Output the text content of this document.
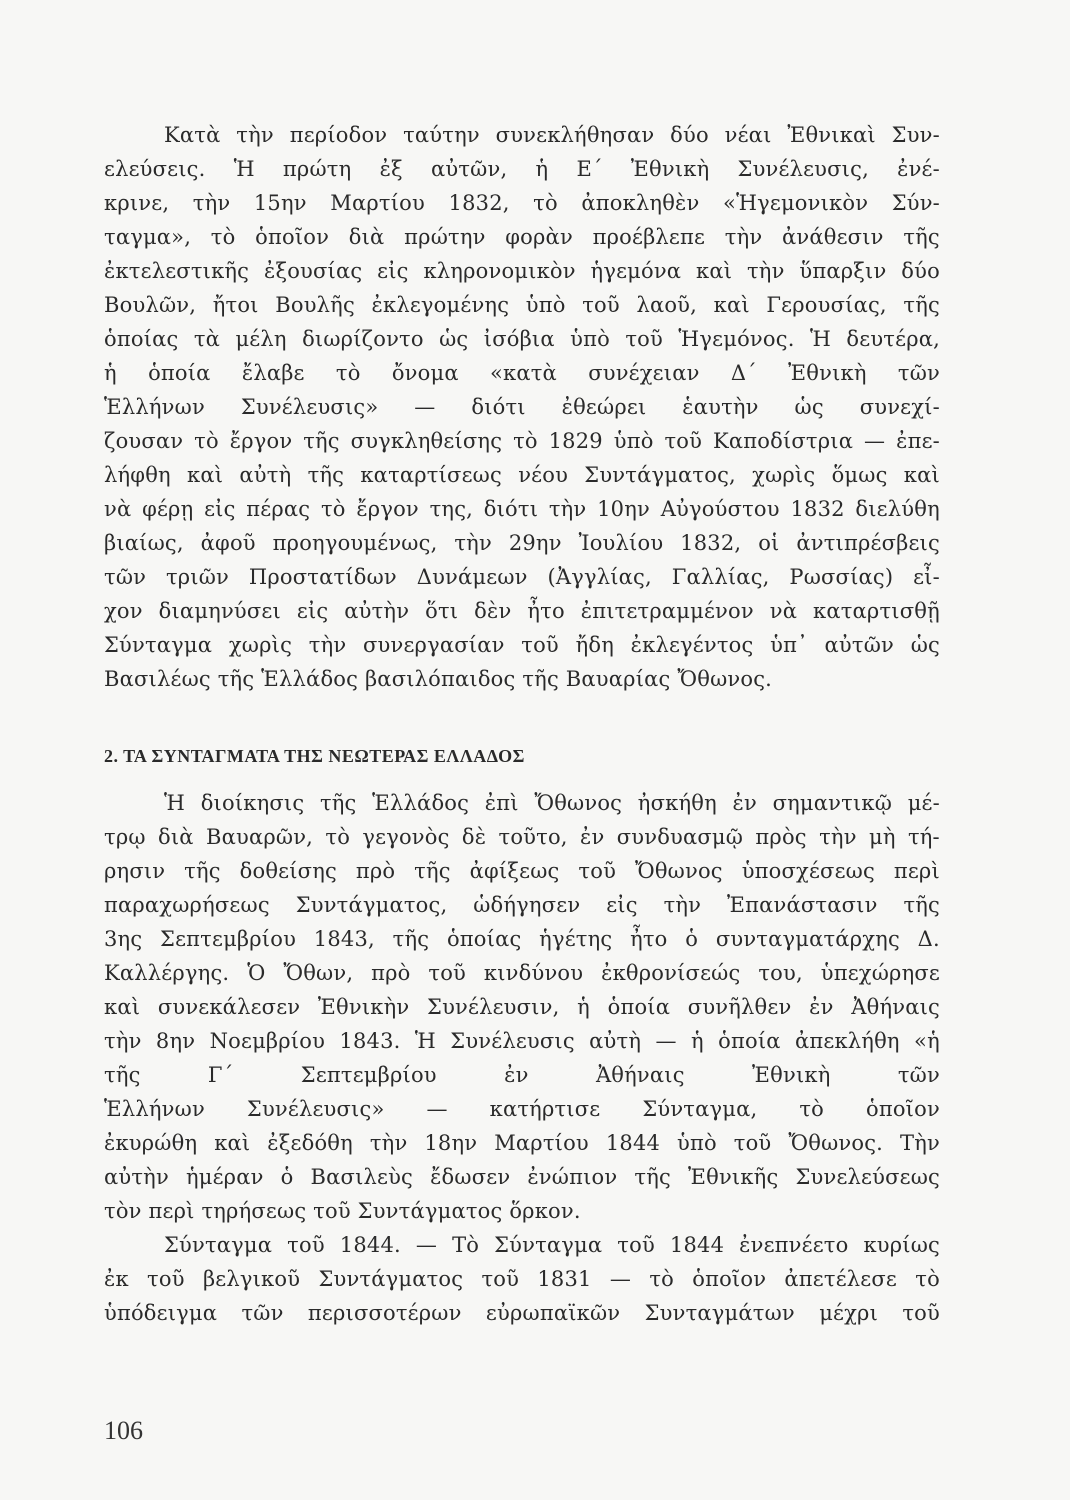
Κατὰ τὴν περίοδον ταύτην συνεκλήθησαν δύο νέαι Ἐθνικαὶ Συν-
ελεύσεις. Ἡ πρώτη ἐξ αὐτῶν, ἡ Ε΄ Ἐθνικὴ Συνέλευσις, ἐνέ-
κρινε, τὴν 15ην Μαρτίου 1832, τὸ ἀποκληθὲν «Ἡγεμονικὸν Σύν-
ταγμα», τὸ ὁποῖον διὰ πρώτην φορὰν προέβλεπε τὴν ἀνάθεσιν τῆς
ἐκτελεστικῆς ἐξουσίας εἰς κληρονομικὸν ἡγεμόνα καὶ τὴν ὕπαρξιν δύο
Βουλῶν, ἤτοι Βουλῆς ἐκλεγομένης ὑπὸ τοῦ λαοῦ, καὶ Γερουσίας, τῆς
ὁποίας τὰ μέλη διωρίζοντο ὡς ἰσόβια ὑπὸ τοῦ Ἡγεμόνος. Ἡ δευτέρα,
ἡ ὁποία ἔλαβε τὸ ὄνομα «κατὰ συνέχειαν Δ΄ Ἐθνικὴ τῶν
Ἑλλήνων Συνέλευσις» — διότι ἐθεώρει ἑαυτὴν ὡς συνεχί-
ζουσαν τὸ ἔργον τῆς συγκληθείσης τὸ 1829 ὑπὸ τοῦ Καποδίστρια — ἐπε-
λήφθη καὶ αὐτὴ τῆς καταρτίσεως νέου Συντάγματος, χωρὶς ὅμως καὶ
νὰ φέρῃ εἰς πέρας τὸ ἔργον της, διότι τὴν 10ην Αὐγούστου 1832 διελύθη
βιαίως, ἀφοῦ προηγουμένως, τὴν 29ην Ἰουλίου 1832, οἱ ἀντιπρέσβεις
τῶν τριῶν Προστατίδων Δυνάμεων (Ἀγγλίας, Γαλλίας, Ρωσσίας) εἶ-
χον διαμηνύσει εἰς αὐτὴν ὅτι δὲν ἦτο ἐπιτετραμμένον νὰ καταρτισθῇ
Σύνταγμα χωρὶς τὴν συνεργασίαν τοῦ ἤδη ἐκλεγέντος ὑπ᾿ αὐτῶν ὡς
Βασιλέως τῆς Ἑλλάδος βασιλόπαιδος τῆς Βαυαρίας Ὄθωνος.
2. ΤΑ ΣΥΝΤΑΓΜΑΤΑ ΤΗΣ ΝΕΩΤΕΡΑΣ ΕΛΛΑΔΟΣ
Ἡ διοίκησις τῆς Ἑλλάδος ἐπὶ Ὄθωνος ἠσκήθη ἐν σημαντικῷ μέ-
τρῳ διὰ Βαυαρῶν, τὸ γεγονὸς δὲ τοῦτο, ἐν συνδυασμῷ πρὸς τὴν μὴ τή-
ρησιν τῆς δοθείσης πρὸ τῆς ἀφίξεως τοῦ Ὄθωνος ὑποσχέσεως περὶ
παραχωρήσεως Συντάγματος, ὡδήγησεν εἰς τὴν Ἐπανάστασιν τῆς
3ης Σεπτεμβρίου 1843, τῆς ὁποίας ἡγέτης ἦτο ὁ συνταγματάρχης Δ.
Καλλέργης. Ὁ Ὄθων, πρὸ τοῦ κινδύνου ἐκθρονίσεώς του, ὑπεχώρησε
καὶ συνεκάλεσεν Ἐθνικὴν Συνέλευσιν, ἡ ὁποία συνῆλθεν ἐν Ἀθήναις
τὴν 8ην Νοεμβρίου 1843. Ἡ Συνέλευσις αὐτὴ — ἡ ὁποία ἀπεκλήθη «ἡ
τῆς	Γ΄	Σεπτεμβρίου	ἐν	Ἀθήναις	Ἐθνικὴ	τῶν
Ἑλλήνων Συνέλευσις» — κατήρτισε Σύνταγμα, τὸ ὁποῖον
ἐκυρώθη καὶ ἐξεδόθη τὴν 18ην Μαρτίου 1844 ὑπὸ τοῦ Ὄθωνος. Τὴν
αὐτὴν ἡμέραν ὁ Βασιλεὺς ἔδωσεν ἐνώπιον τῆς Ἐθνικῆς Συνελεύσεως
τὸν περὶ τηρήσεως τοῦ Συντάγματος ὅρκον.
Σύνταγμα τοῦ 1844. — Τὸ Σύνταγμα τοῦ 1844 ἐνεπνέετο κυρίως
ἐκ τοῦ βελγικοῦ Συντάγματος τοῦ 1831 — τὸ ὁποῖον ἀπετέλεσε τὸ
ὑπόδειγμα τῶν περισσοτέρων εὐρωπαϊκῶν Συνταγμάτων μέχρι τοῦ
106
